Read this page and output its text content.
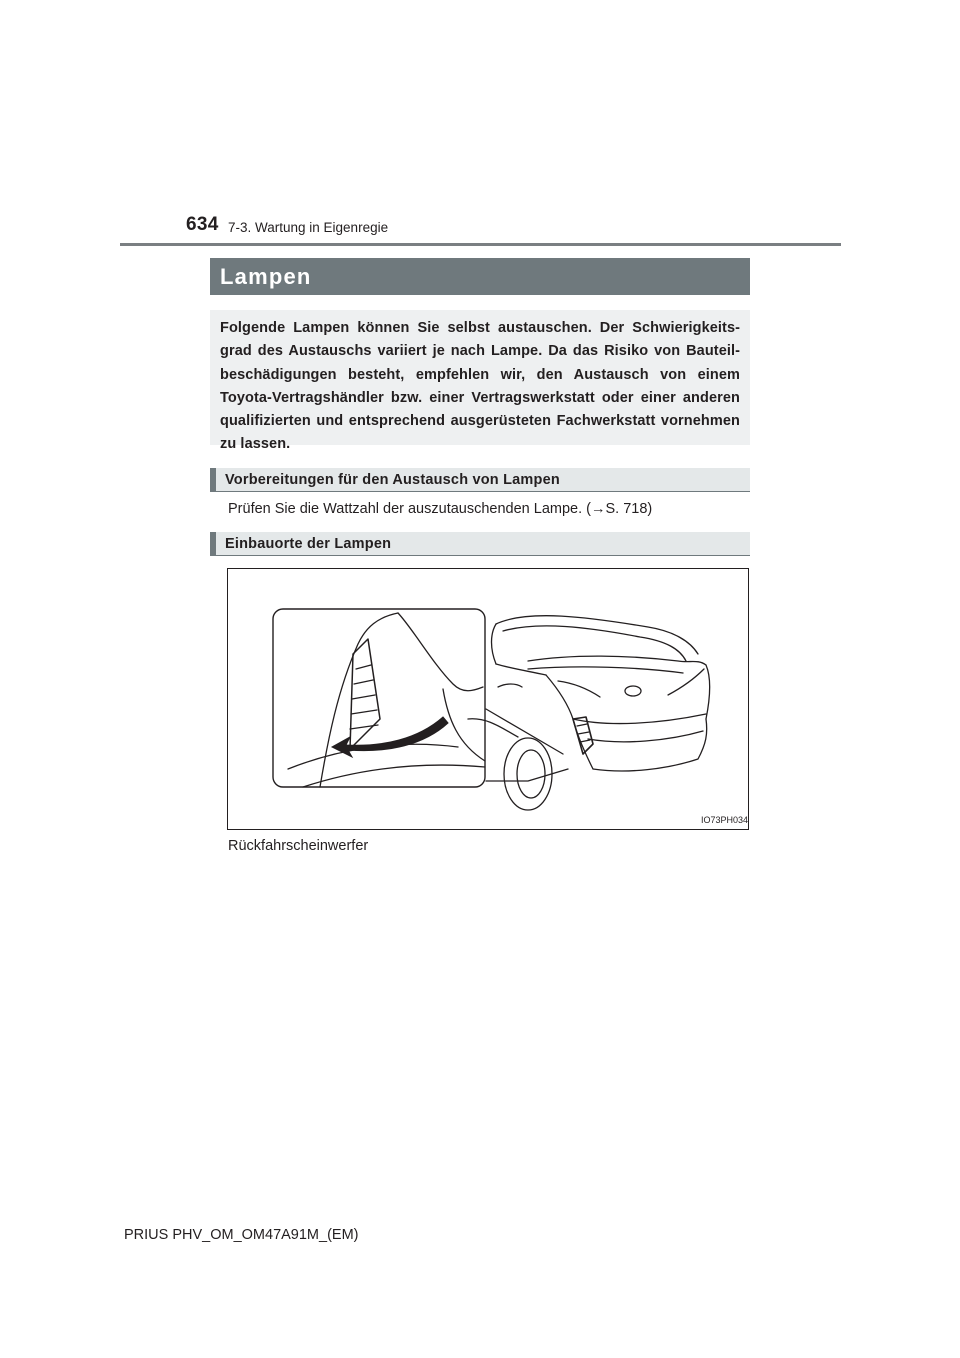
634 7-3. Wartung in Eigenregie
Lampen

Folgende Lampen können Sie selbst austauschen. Der Schwierigkeitsgrad des Austauschs variiert je nach Lampe. Da das Risiko von Bauteilbeschädigungen besteht, empfehlen wir, den Austausch von einem Toyota-Vertragshändler bzw. einer Vertragswerkstatt oder einer anderen qualifizierten und entsprechend ausgerüsteten Fachwerkstatt vornehmen zu lassen.

Vorbereitungen für den Austausch von Lampen
Prüfen Sie die Wattzahl der auszutauschenden Lampe. (→S. 718)
Einbauorte der Lampen
IO73PH034
Rückfahrscheinwerfer
PRIUS PHV_OM_OM47A91M_(EM)
